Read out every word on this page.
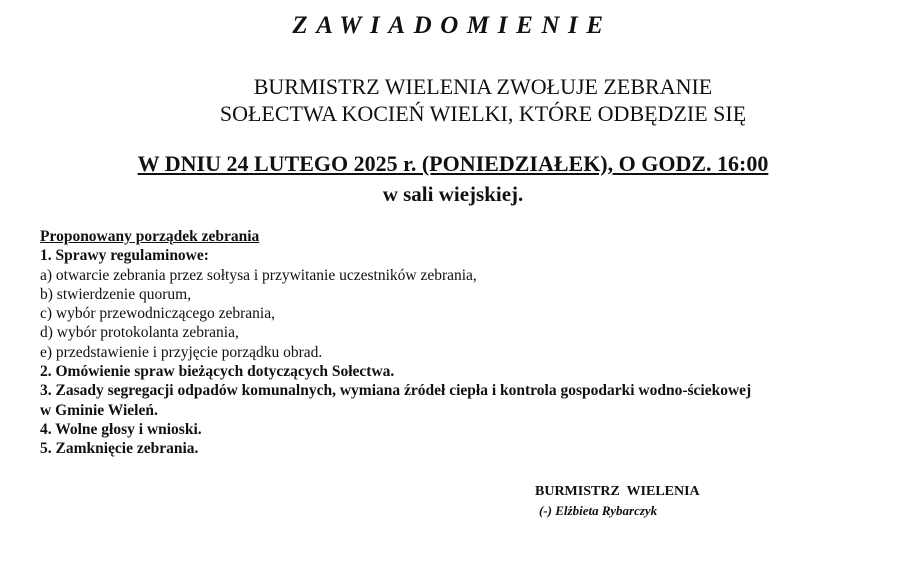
ZAWIADOMIENIE
BURMISTRZ WIELENIA ZWOŁUJE ZEBRANIE
SOŁECTWA KOCIEŃ WIELKI, KTÓRE ODBĘDZIE SIĘ
W DNIU 24 LUTEGO 2025 r. (PONIEDZIAŁEK), O GODZ. 16:00
w sali wiejskiej.
Proponowany porządek zebrania
1. Sprawy regulaminowe:
a) otwarcie zebrania przez sołtysa i przywitanie uczestników zebrania,
b) stwierdzenie quorum,
c) wybór przewodniczącego zebrania,
d) wybór protokolanta zebrania,
e) przedstawienie i przyjęcie porządku obrad.
2. Omówienie spraw bieżących dotyczących Sołectwa.
3. Zasady segregacji odpadów komunalnych, wymiana źródeł ciepła i kontrola gospodarki wodno-ściekowej
w Gminie Wieleń.
4. Wolne głosy i wnioski.
5. Zamknięcie zebrania.
BURMISTRZ  WIELENIA
(-) Elżbieta Rybarczyk
